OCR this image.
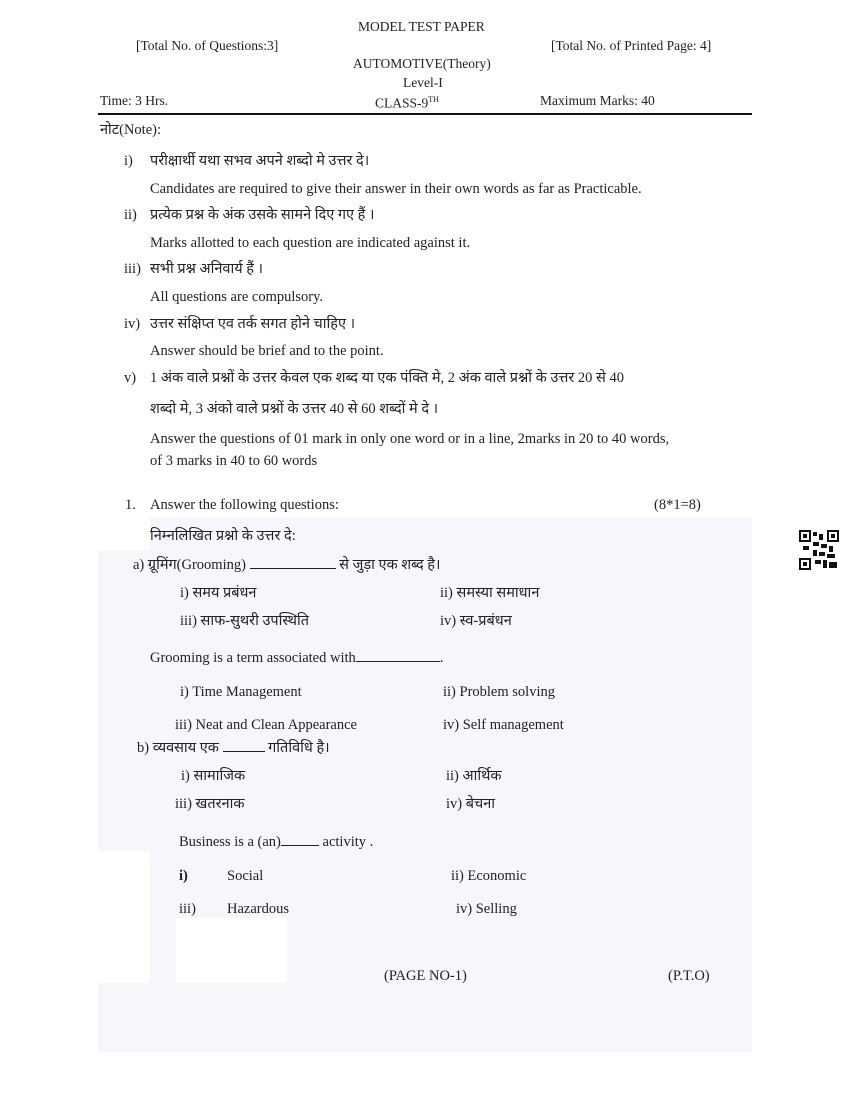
MODEL TEST PAPER
[Total No. of Questions:3]	[Total No. of Printed Page: 4]
AUTOMOTIVE(Theory)
Level-I
Time: 3 Hrs.	CLASS-9TH	Maximum Marks: 40
नोट(Note):
i) परीक्षार्थी यथा सभव अपने शब्दो मे उत्तर दे।
Candidates are required to give their answer in their own words as far as Practicable.
ii) प्रत्येक प्रश्न के अंक उसके सामने दिए गए हैं ।
Marks allotted to each question are indicated against it.
iii) सभी प्रश्न अनिवार्य हैं ।
All questions are compulsory.
iv) उत्तर संक्षिप्त एव तर्क सगत होने चाहिए ।
Answer should be brief and to the point.
v) 1 अंक वाले प्रश्नों के उत्तर केवल एक शब्द या एक पंक्ति मे, 2 अंक वाले प्रश्नों के उत्तर 20 से 40
शब्दो मे, 3 अंको वाले प्रश्नों के उत्तर 40 से 60 शब्दों मे दे ।
Answer the questions of 01 mark in only one word or in a line, 2marks in 20 to 40 words,
of 3 marks in 40 to 60 words
1. Answer the following questions:	(8*1=8)
निम्नलिखित प्रश्नो के उत्तर दे:
a) ग्रूमिंग(Grooming)	से जुड़ा एक शब्द है।
i) समय प्रबंधन	ii) समस्या समाधान
iii) साफ-सुथरी उपस्थिति	iv) स्व-प्रबंधन
Grooming is a term associated with	.
i) Time Management	ii) Problem solving
iii) Neat and Clean Appearance	iv) Self management
b) व्यवसाय एक	गतिविधि है।
i) सामाजिक	ii) आर्थिक
iii) खतरनाक	iv) बेचना
Business is a (an)	activity .
i)	Social	ii) Economic
iii) Hazardous	iv) Selling
(PAGE NO-1)	(P.T.O)
